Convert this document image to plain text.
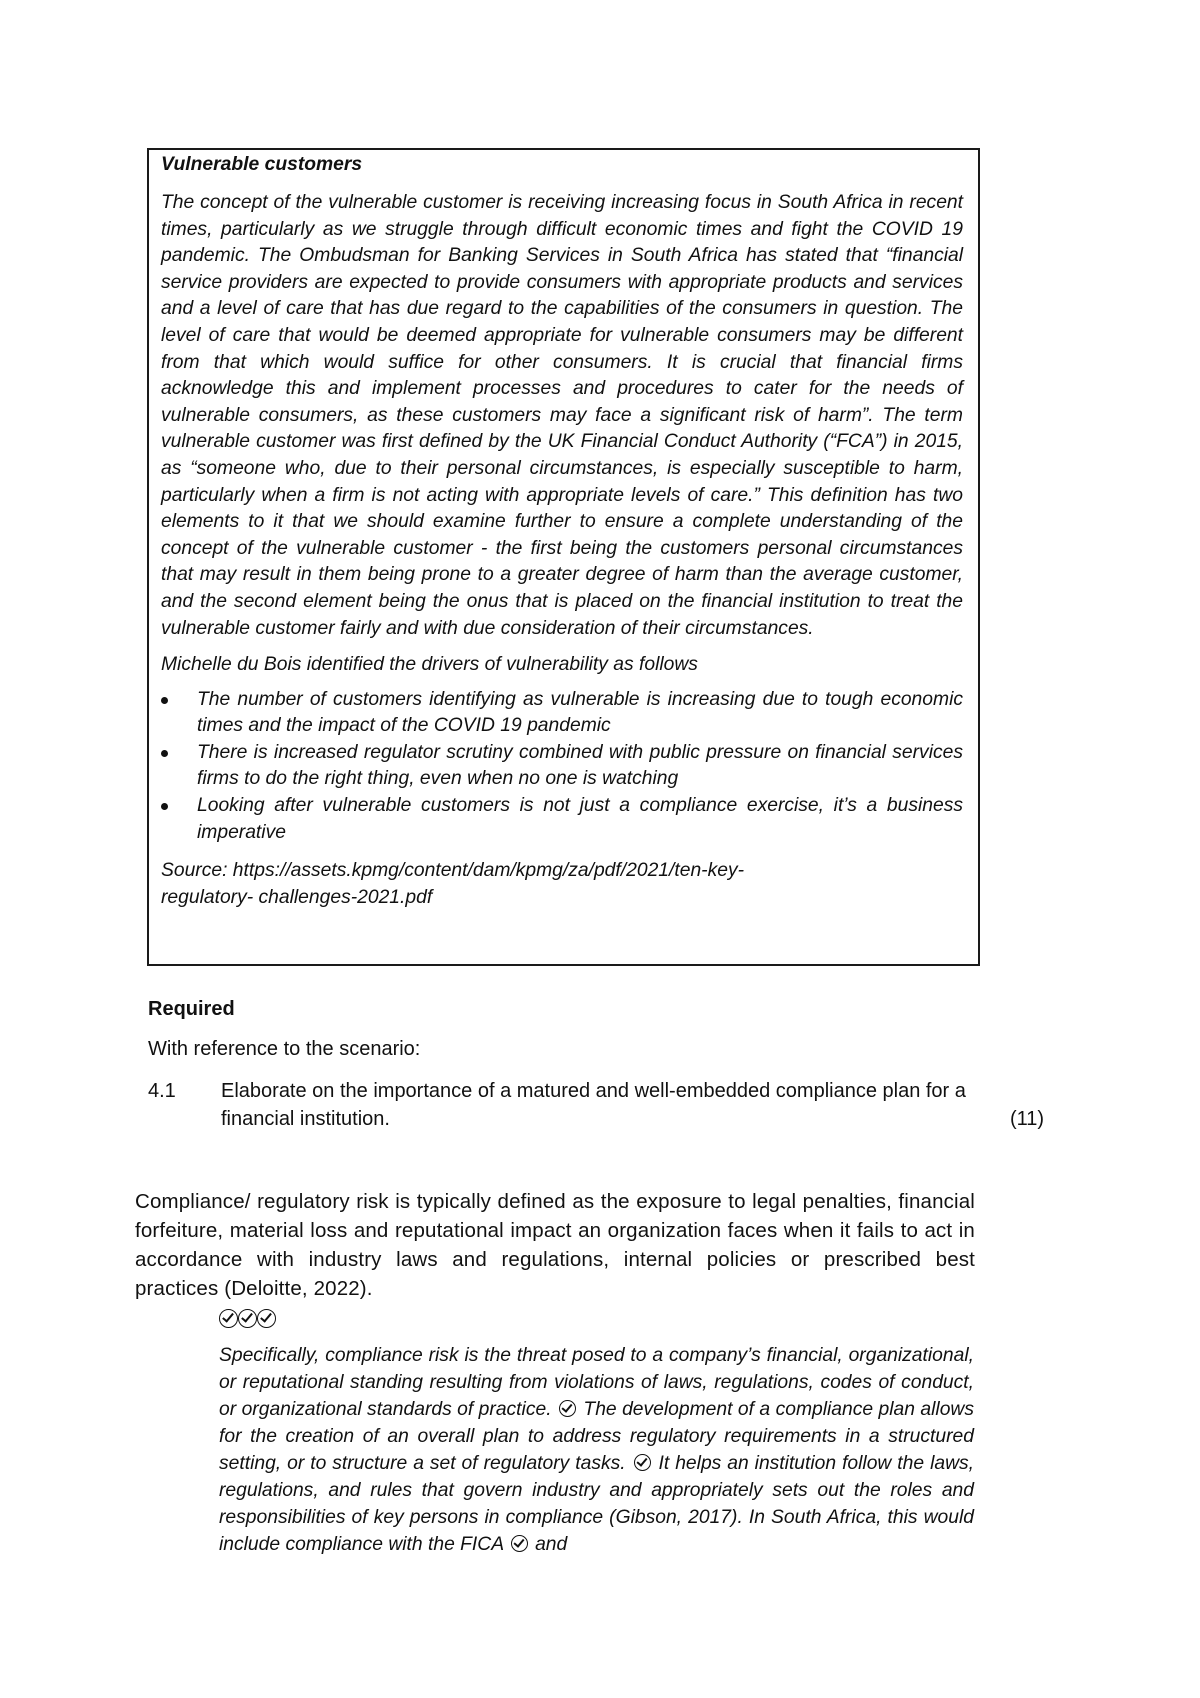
Vulnerable customers

The concept of the vulnerable customer is receiving increasing focus in South Africa in recent times, particularly as we struggle through difficult economic times and fight the COVID 19 pandemic. The Ombudsman for Banking Services in South Africa has stated that “financial service providers are expected to provide consumers with appropriate products and services and a level of care that has due regard to the capabilities of the consumers in question. The level of care that would be deemed appropriate for vulnerable consumers may be different from that which would suffice for other consumers. It is crucial that financial firms acknowledge this and implement processes and procedures to cater for the needs of vulnerable consumers, as these customers may face a significant risk of harm”. The term vulnerable customer was first defined by the UK Financial Conduct Authority (“FCA”) in 2015, as “someone who, due to their personal circumstances, is especially susceptible to harm, particularly when a firm is not acting with appropriate levels of care.” This definition has two elements to it that we should examine further to ensure a complete understanding of the concept of the vulnerable customer - the first being the customers personal circumstances that may result in them being prone to a greater degree of harm than the average customer, and the second element being the onus that is placed on the financial institution to treat the vulnerable customer fairly and with due consideration of their circumstances.

Michelle du Bois identified the drivers of vulnerability as follows

The number of customers identifying as vulnerable is increasing due to tough economic times and the impact of the COVID 19 pandemic
There is increased regulator scrutiny combined with public pressure on financial services firms to do the right thing, even when no one is watching
Looking after vulnerable customers is not just a compliance exercise, it’s a business imperative

Source: https://assets.kpmg/content/dam/kpmg/za/pdf/2021/ten-key-
regulatory- challenges-2021.pdf

Required
With reference to the scenario:
4.1 Elaborate on the importance of a matured and well-embedded compliance plan for a financial institution.	(11)
Compliance/ regulatory risk is typically defined as the exposure to legal penalties, financial forfeiture, material loss and reputational impact an organization faces when it fails to act in accordance with industry laws and regulations, internal policies or prescribed best practices (Deloitte, 2022).
Specifically, compliance risk is the threat posed to a company’s financial, organizational, or reputational standing resulting from violations of laws, regulations, codes of conduct, or organizational standards of practice. The development of a compliance plan allows for the creation of an overall plan to address regulatory requirements in a structured setting, or to structure a set of regulatory tasks. It helps an institution follow the laws, regulations, and rules that govern industry and appropriately sets out the roles and responsibilities of key persons in compliance (Gibson, 2017). In South Africa, this would include compliance with the FICA and
